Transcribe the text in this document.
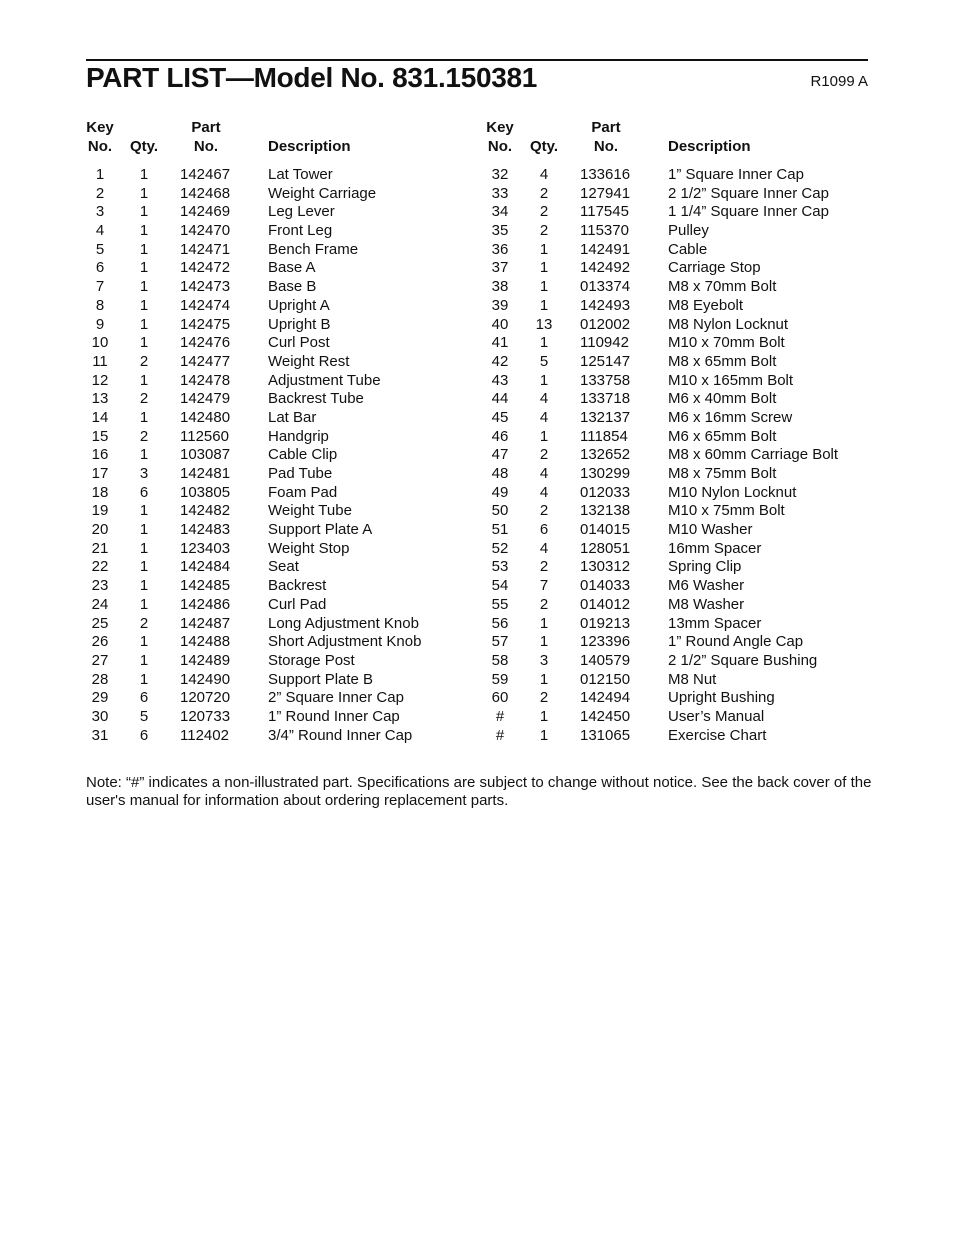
PART LIST—Model No. 831.150381	R1099 A
Key
No. Qty.
Part
No.	Description
1	1	142467	Lat Tower
2	1	142468	Weight Carriage
3	1	142469	Leg Lever
4	1	142470	Front Leg
5	1	142471	Bench Frame
6	1	142472	Base A
7	1	142473	Base B
8	1	142474	Upright A
9	1	142475	Upright B
10	1	142476	Curl Post
11	2	142477	Weight Rest
12	1	142478	Adjustment Tube
13	2	142479	Backrest Tube
14	1	142480	Lat Bar
15	2	112560	Handgrip
16	1	103087	Cable Clip
17	3	142481	Pad Tube
18	6	103805	Foam Pad
19	1	142482	Weight Tube
20	1	142483	Support Plate A
21	1	123403	Weight Stop
22	1	142484	Seat
23	1	142485	Backrest
24	1	142486	Curl Pad
25	2	142487	Long Adjustment Knob
26	1	142488	Short Adjustment Knob
27	1	142489	Storage Post
28	1	142490	Support Plate B
29	6	120720	2” Square Inner Cap
30	5	120733	1” Round Inner Cap
31	6	112402	3/4” Round Inner Cap
Key
No. Qty.
Part
No.	Description
32	4	133616	1” Square Inner Cap
33	2	127941	2 1/2” Square Inner Cap
34	2	117545	1 1/4” Square Inner Cap
35	2	115370	Pulley
36	1	142491	Cable
37	1	142492	Carriage Stop
38	1	013374	M8 x 70mm Bolt
39	1	142493	M8 Eyebolt
40	13	012002	M8 Nylon Locknut
41	1	110942	M10 x 70mm Bolt
42	5	125147	M8 x 65mm Bolt
43	1	133758	M10 x 165mm Bolt
44	4	133718	M6 x 40mm Bolt
45	4	132137	M6 x 16mm Screw
46	1	111854	M6 x 65mm Bolt
47	2	132652	M8 x 60mm Carriage Bolt
48	4	130299	M8 x 75mm Bolt
49	4	012033	M10 Nylon Locknut
50	2	132138	M10 x 75mm Bolt
51	6	014015	M10 Washer
52	4	128051	16mm Spacer
53	2	130312	Spring Clip
54	7	014033	M6 Washer
55	2	014012	M8 Washer
56	1	019213	13mm Spacer
57	1	123396	1” Round Angle Cap
58	3	140579	2 1/2” Square Bushing
59	1	012150	M8 Nut
60	2	142494	Upright Bushing
#	1	142450	User’s Manual
#	1	131065	Exercise Chart
Note: “#” indicates a non-illustrated part. Specifications are subject to change without notice. See the back cover of the user's manual for information about ordering replacement parts.
